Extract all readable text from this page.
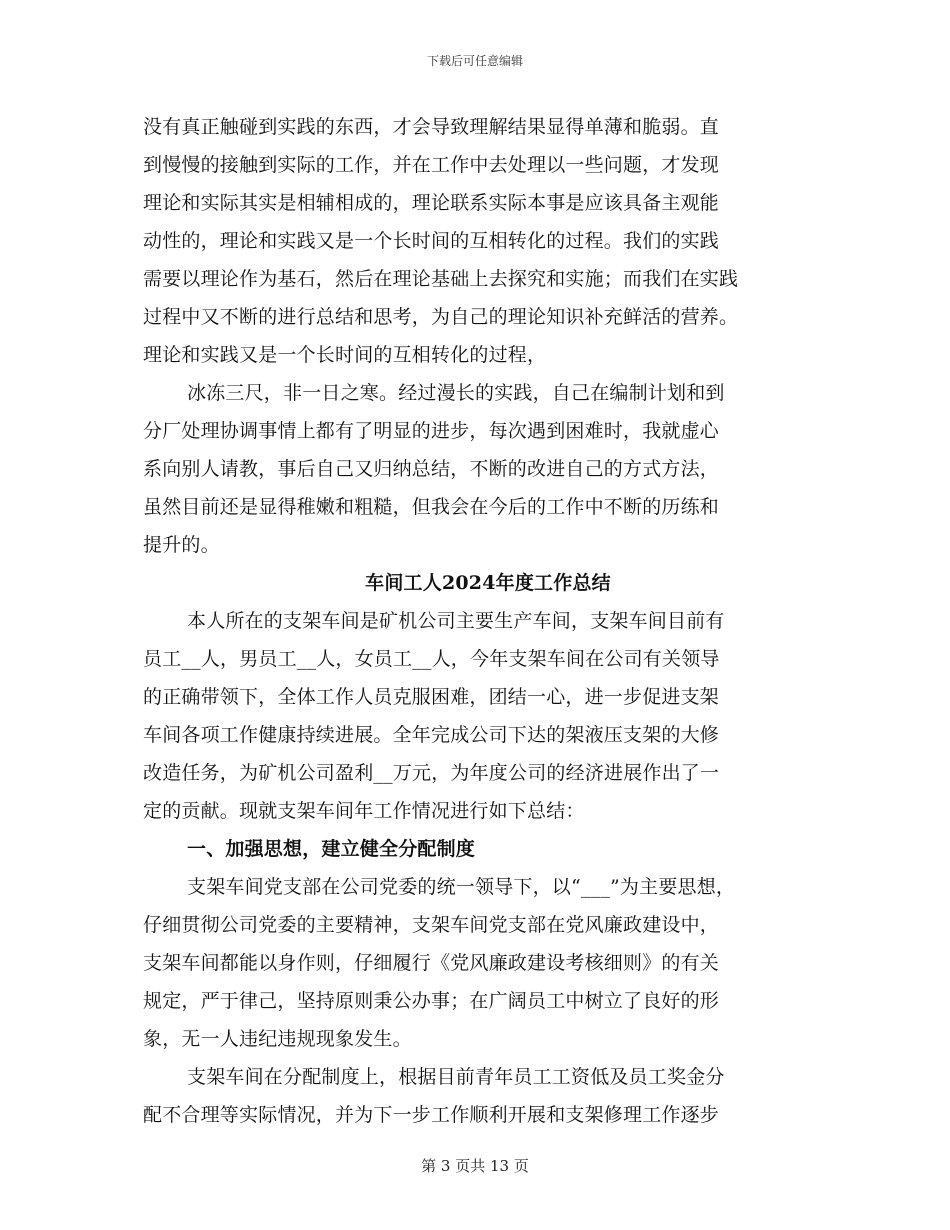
下载后可任意编辑
没有真正触碰到实践的东西，才会导致理解结果显得单薄和脆弱。直
到慢慢的接触到实际的工作，并在工作中去处理以一些问题，才发现
理论和实际其实是相辅相成的，理论联系实际本事是应该具备主观能
动性的，理论和实践又是一个长时间的互相转化的过程。我们的实践
需要以理论作为基石，然后在理论基础上去探究和实施；而我们在实践
过程中又不断的进行总结和思考，为自己的理论知识补充鲜活的营养。
理论和实践又是一个长时间的互相转化的过程，
冰冻三尺，非一日之寒。经过漫长的实践，自己在编制计划和到
分厂处理协调事情上都有了明显的进步，每次遇到困难时，我就虚心
系向别人请教，事后自己又归纳总结，不断的改进自己的方式方法，
虽然目前还是显得稚嫩和粗糙，但我会在今后的工作中不断的历练和
提升的。
车间工人2024年度工作总结
本人所在的支架车间是矿机公司主要生产车间，支架车间目前有
员工__人，男员工__人，女员工__人，今年支架车间在公司有关领导
的正确带领下，全体工作人员克服困难，团结一心，进一步促进支架
车间各项工作健康持续进展。全年完成公司下达的架液压支架的大修
改造任务，为矿机公司盈利__万元，为年度公司的经济进展作出了一
定的贡献。现就支架车间年工作情况进行如下总结：
一、加强思想，建立健全分配制度
支架车间党支部在公司党委的统一领导下，以“___”为主要思想，
仔细贯彻公司党委的主要精神，支架车间党支部在党风廉政建设中，
支架车间都能以身作则，仔细履行《党风廉政建设考核细则》的有关
规定，严于律己，坚持原则秉公办事；在广阔员工中树立了良好的形
象，无一人违纪违规现象发生。
支架车间在分配制度上，根据目前青年员工工资低及员工奖金分
配不合理等实际情况，并为下一步工作顺利开展和支架修理工作逐步
第 3 页共 13 页
